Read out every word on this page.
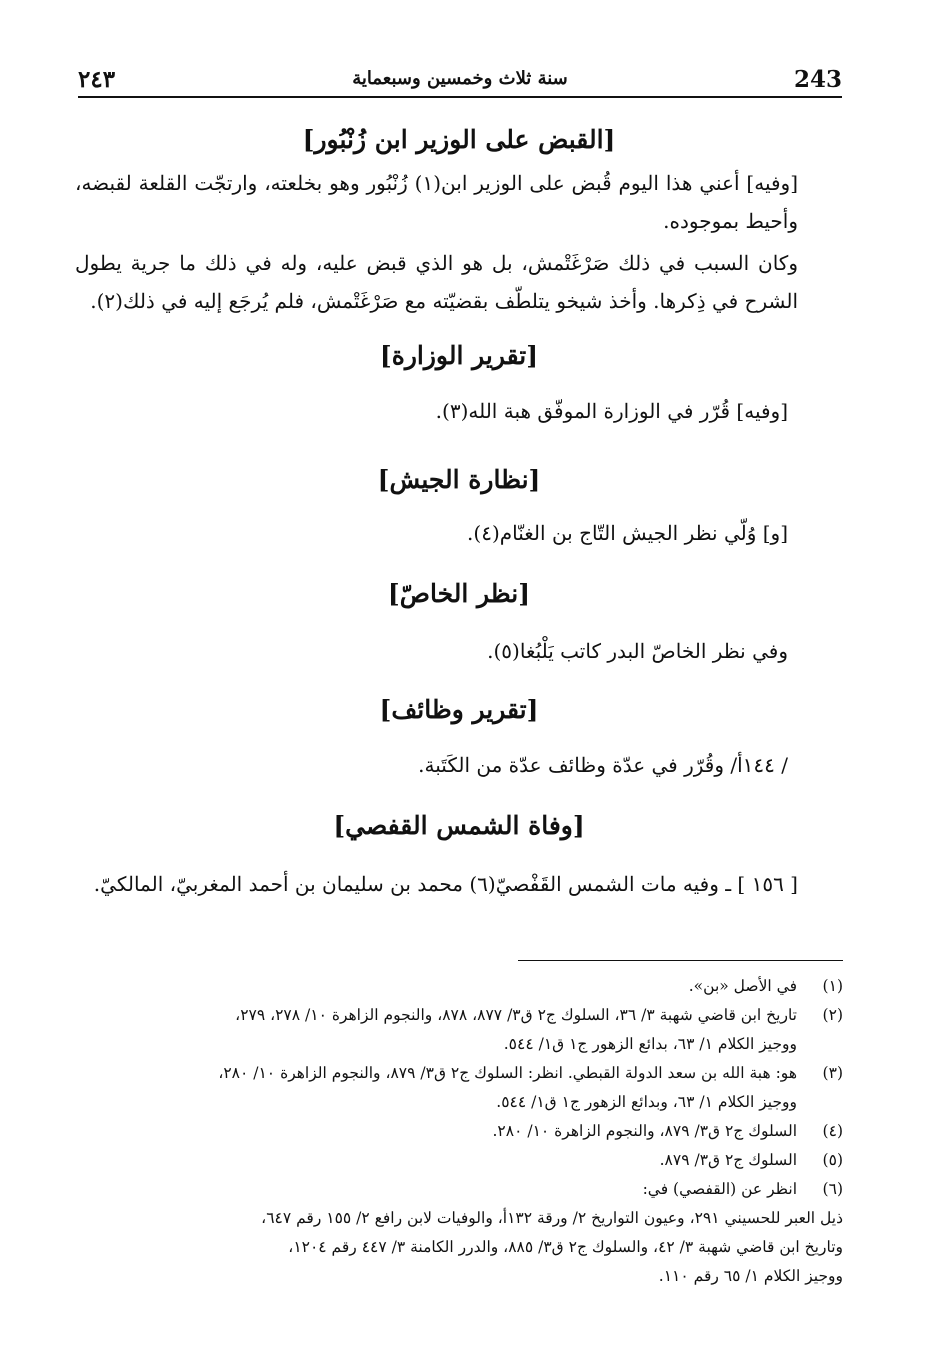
243
سنة ثلاث وخمسين وسبعماية
٢٤٣
[القبض على الوزير ابن زُنْبُور]

[وفيه] أعني هذا اليوم قُبض على الوزير ابن(١) زُنْبُور وهو بخلعته، وارتجّت القلعة لقبضه، وأحيط بموجوده.

وكان السبب في ذلك صَرْغَتْمش، بل هو الذي قبض عليه، وله في ذلك ما جرية يطول الشرح في ذِكرها. وأخذ شيخو يتلطّف بقضيّته مع صَرْغَتْمش، فلم يُرجَع إليه في ذلك(٢).

[تقرير الوزارة]

[وفيه] قُرّر في الوزارة الموفّق هبة الله(٣).

[نظارة الجيش]

[و] وُلّي نظر الجيش التّاج بن الغنّام(٤).

[نظر الخاصّ]

وفي نظر الخاصّ البدر كاتب يَلْبُغا(٥).

[تقرير وظائف]

/ ١٤٤أ/ وقُرّر في عدّة وظائف عدّة من الكَتَبة.

[وفاة الشمس القفصي]

[ ١٥٦ ] ـ وفيه مات الشمس القَفْصيّ(٦) محمد بن سليمان بن أحمد المغربيّ، المالكيّ.

(١)
في الأصل «بن».
(٢)
تاريخ ابن قاضي شهبة ٣/ ٣٦، السلوك ج٢ ق٣/ ٨٧٧، ٨٧٨، والنجوم الزاهرة ١٠/ ٢٧٨، ٢٧٩،
ووجيز الكلام ١/ ٦٣، بدائع الزهور ج١ ق١/ ٥٤٤.
(٣)
هو: هبة الله بن سعد الدولة القبطي. انظر: السلوك ج٢ ق٣/ ٨٧٩، والنجوم الزاهرة ١٠/ ٢٨٠،
ووجيز الكلام ١/ ٦٣، وبدائع الزهور ج١ ق١/ ٥٤٤.
(٤)
السلوك ج٢ ق٣/ ٨٧٩، والنجوم الزاهرة ١٠/ ٢٨٠.
(٥)
السلوك ج٢ ق٣/ ٨٧٩.
(٦)
انظر عن (القفصي) في:
ذيل العبر للحسيني ٢٩١، وعيون التواريخ ٢/ ورقة ١٣٢أ، والوفيات لابن رافع ٢/ ١٥٥ رقم ٦٤٧،
وتاريخ ابن قاضي شهبة ٣/ ٤٢، والسلوك ج٢ ق٣/ ٨٨٥، والدرر الكامنة ٣/ ٤٤٧ رقم ١٢٠٤،
ووجيز الكلام ١/ ٦٥ رقم ١١٠.
